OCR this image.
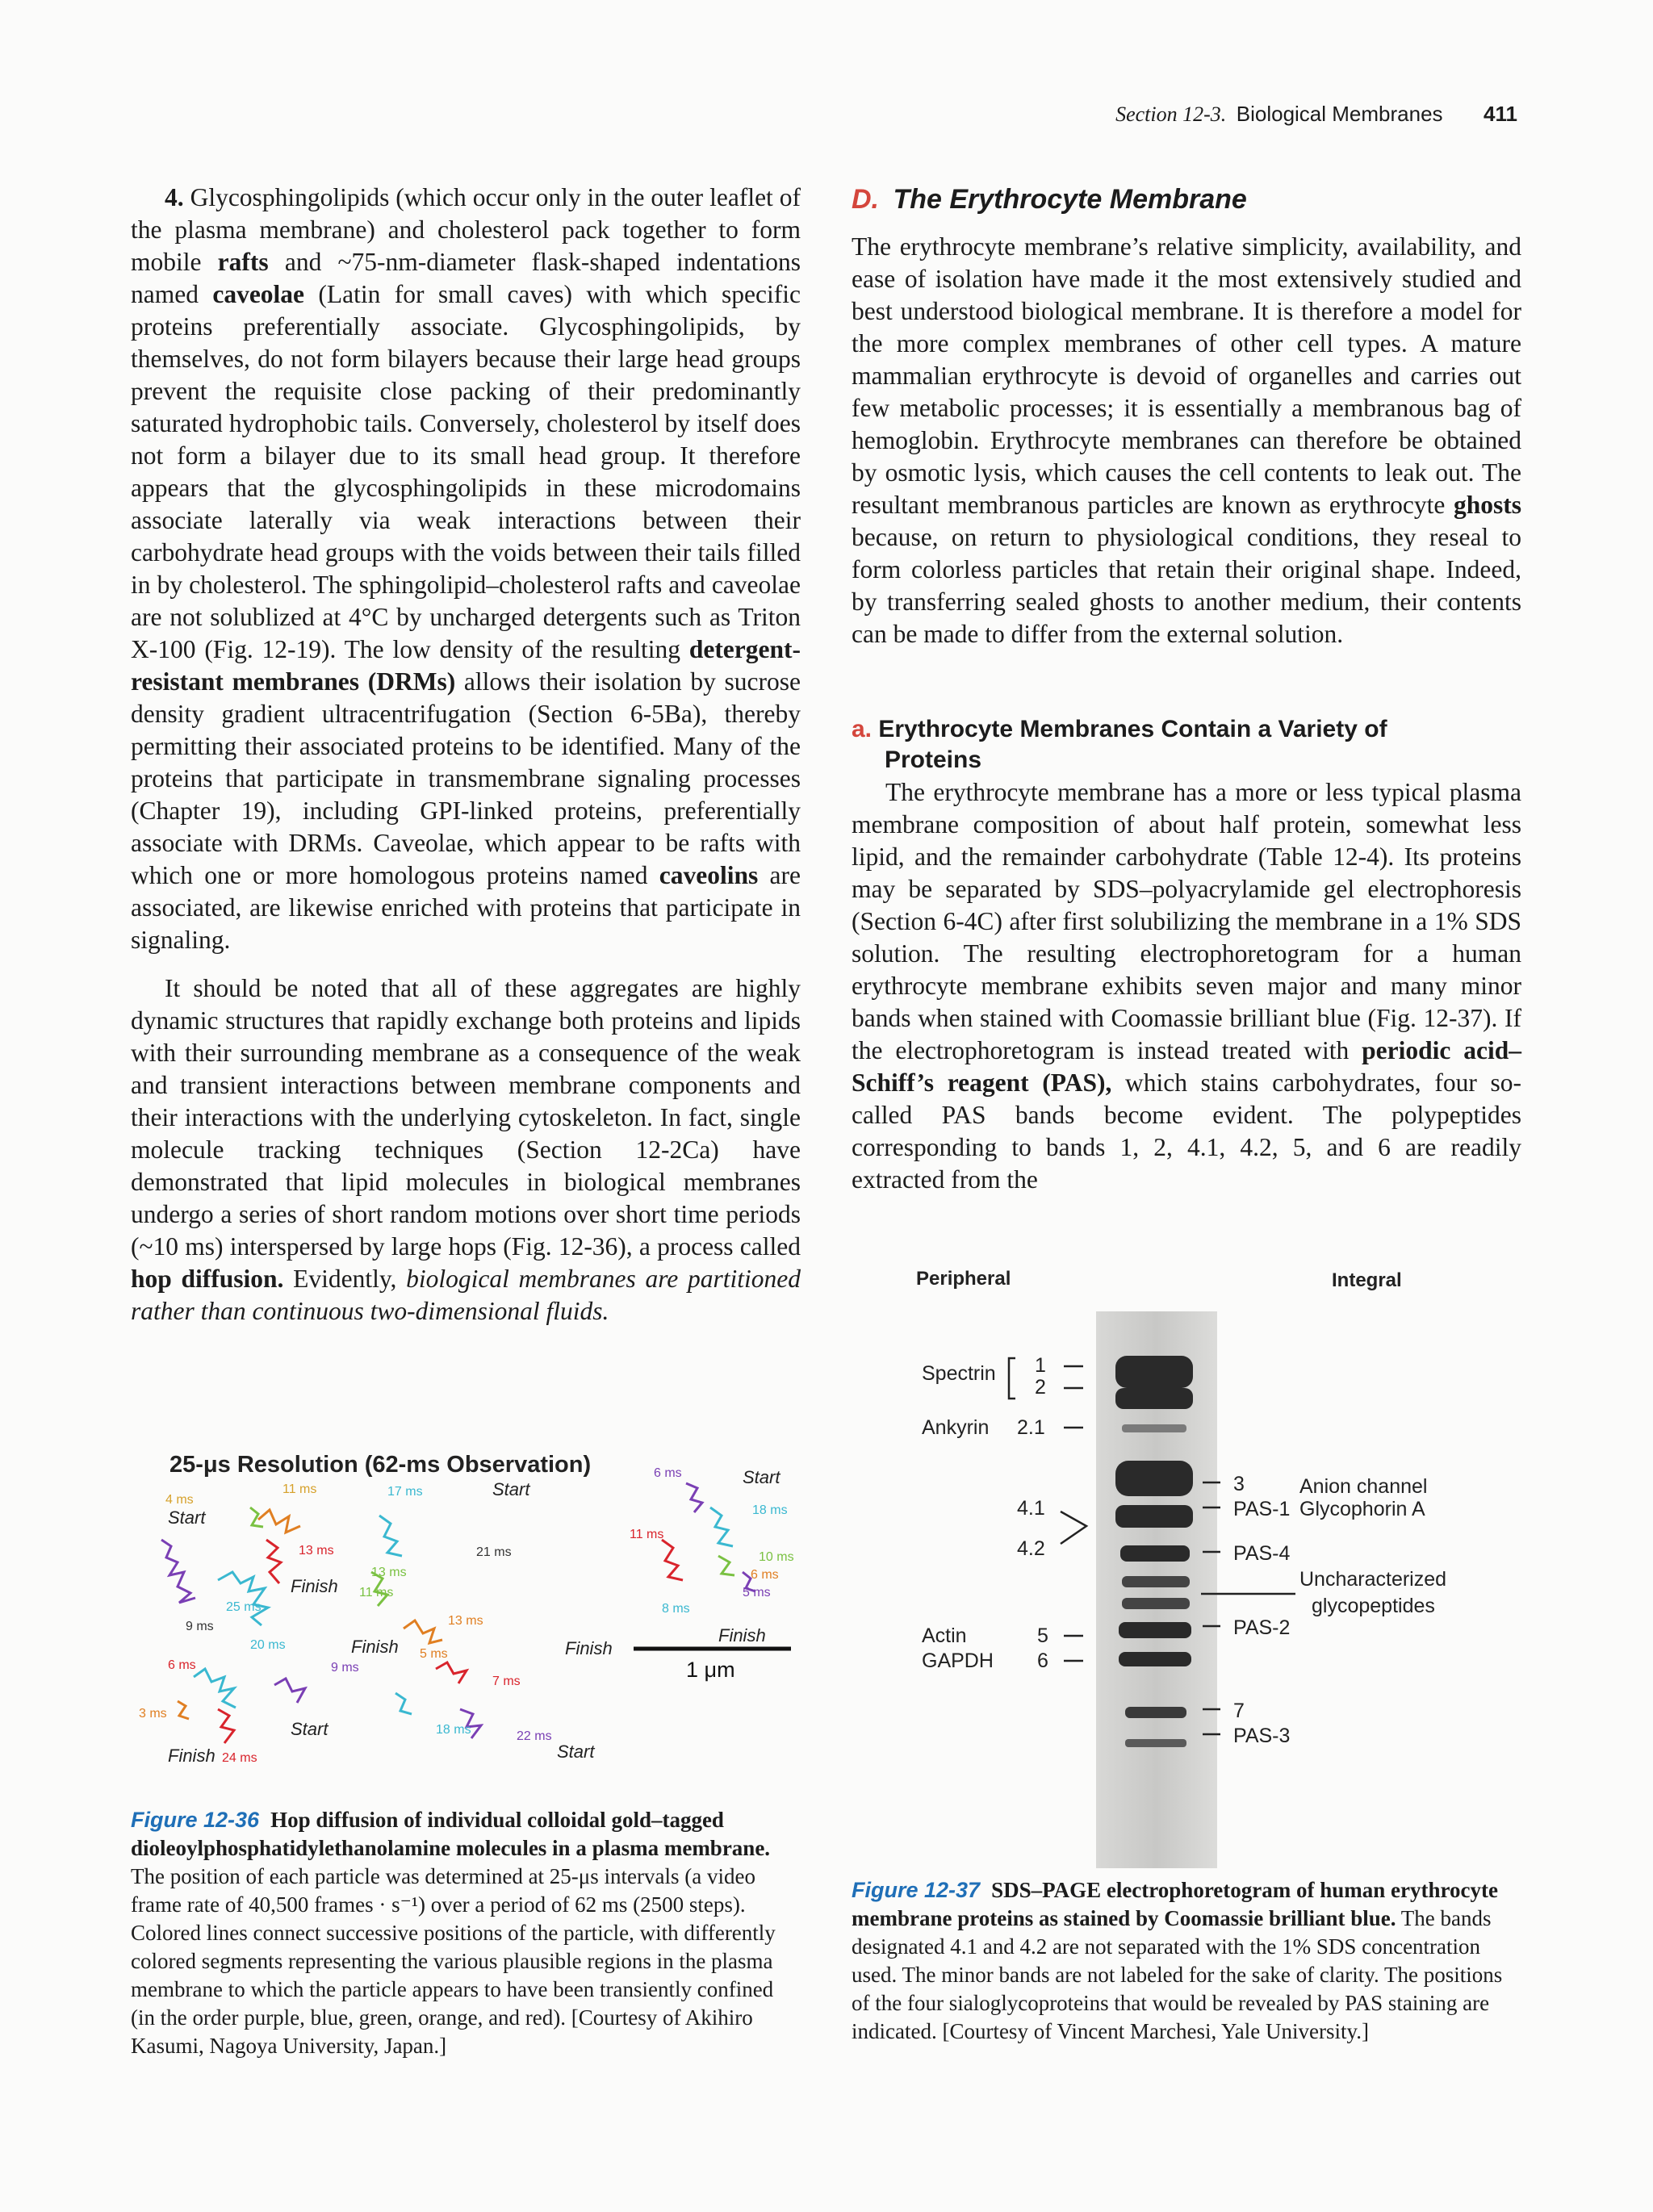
Section 12-3. Biological Membranes 411

4. Glycosphingolipids (which occur only in the outer leaflet of the plasma membrane) and cholesterol pack together to form mobile rafts and ~75-nm-diameter flask-shaped indentations named caveolae (Latin for small caves) with which specific proteins preferentially associate. Glycosphingolipids, by themselves, do not form bilayers because their large head groups prevent the requisite close packing of their predominantly saturated hydrophobic tails. Conversely, cholesterol by itself does not form a bilayer due to its small head group. It therefore appears that the glycosphingolipids in these microdomains associate laterally via weak interactions between their carbohydrate head groups with the voids between their tails filled in by cholesterol. The sphingolipid–cholesterol rafts and caveolae are not solublized at 4°C by uncharged detergents such as Triton X-100 (Fig. 12-19). The low density of the resulting detergent-resistant membranes (DRMs) allows their isolation by sucrose density gradient ultracentrifugation (Section 6-5Ba), thereby permitting their associated proteins to be identified. Many of the proteins that participate in transmembrane signaling processes (Chapter 19), including GPI-linked proteins, preferentially associate with DRMs. Caveolae, which appear to be rafts with which one or more homologous proteins named caveolins are associated, are likewise enriched with proteins that participate in signaling.

It should be noted that all of these aggregates are highly dynamic structures that rapidly exchange both proteins and lipids with their surrounding membrane as a consequence of the weak and transient interactions between membrane components and their interactions with the underlying cytoskeleton. In fact, single molecule tracking techniques (Section 12-2Ca) have demonstrated that lipid molecules in biological membranes undergo a series of short random motions over short time periods (~10 ms) interspersed by large hops (Fig. 12-36), a process called hop diffusion. Evidently, biological membranes are partitioned rather than continuous two-dimensional fluids.

25-μs Resolution (62-ms Observation)
Start
Finish
Start
Finish
Start
Finish
Start
Start
Finish
Finish
11 ms
4 ms
13 ms
25 ms
9 ms
20 ms
6 ms
3 ms
24 ms
9 ms
17 ms
21 ms
13 ms
11 ms
13 ms
5 ms
18 ms
7 ms
22 ms
6 ms
11 ms
18 ms
10 ms
6 ms
5 ms
8 ms
1 μm
Figure 12-36 Hop diffusion of individual colloidal gold–tagged dioleoylphosphatidylethanolamine molecules in a plasma membrane. The position of each particle was determined at 25-μs intervals (a video frame rate of 40,500 frames · s⁻¹) over a period of 62 ms (2500 steps). Colored lines connect successive positions of the particle, with differently colored segments representing the various plausible regions in the plasma membrane to which the particle appears to have been transiently confined (in the order purple, blue, green, orange, and red). [Courtesy of Akihiro Kasumi, Nagoya University, Japan.]
D. The Erythrocyte Membrane

The erythrocyte membrane’s relative simplicity, availability, and ease of isolation have made it the most extensively studied and best understood biological membrane. It is therefore a model for the more complex membranes of other cell types. A mature mammalian erythrocyte is devoid of organelles and carries out few metabolic processes; it is essentially a membranous bag of hemoglobin. Erythrocyte membranes can therefore be obtained by osmotic lysis, which causes the cell contents to leak out. The resultant membranous particles are known as erythrocyte ghosts because, on return to physiological conditions, they reseal to form colorless particles that retain their original shape. Indeed, by transferring sealed ghosts to another medium, their contents can be made to differ from the external solution.

a. Erythrocyte Membranes Contain a Variety of Proteins

The erythrocyte membrane has a more or less typical plasma membrane composition of about half protein, somewhat less lipid, and the remainder carbohydrate (Table 12-4). Its proteins may be separated by SDS–polyacrylamide gel electrophoresis (Section 6-4C) after first solubilizing the membrane in a 1% SDS solution. The resulting electrophoretogram for a human erythrocyte membrane exhibits seven major and many minor bands when stained with Coomassie brilliant blue (Fig. 12-37). If the electrophoretogram is instead treated with periodic acid–Schiff’s reagent (PAS), which stains carbohydrates, four so-called PAS bands become evident. The polypeptides corresponding to bands 1, 2, 4.1, 4.2, 5, and 6 are readily extracted from the

Peripheral	Integral
Spectrin 1
2
Ankyrin 2.1
4.1
4.2
Actin	5
GAPDH 6
3	Anion channel
PAS-1 Glycophorin A
PAS-4
Uncharacterized
glycopeptides
PAS-2
7
PAS-3
Figure 12-37 SDS–PAGE electrophoretogram of human erythrocyte membrane proteins as stained by Coomassie brilliant blue. The bands designated 4.1 and 4.2 are not separated with the 1% SDS concentration used. The minor bands are not labeled for the sake of clarity. The positions of the four sialoglycoproteins that would be revealed by PAS staining are indicated. [Courtesy of Vincent Marchesi, Yale University.]
